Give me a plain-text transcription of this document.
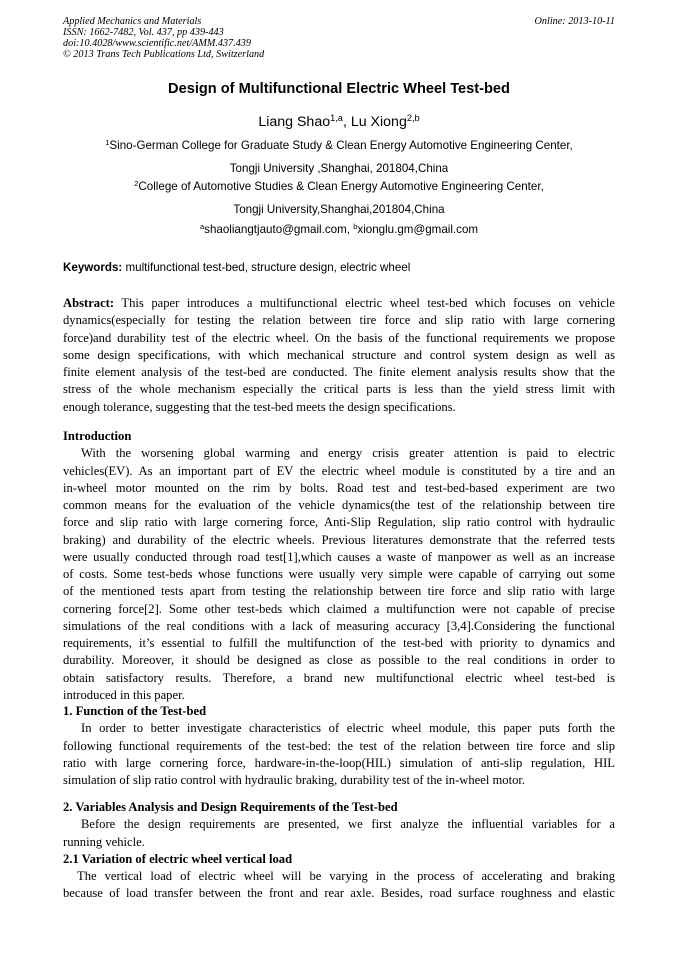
Applied Mechanics and Materials
ISSN: 1662-7482, Vol. 437, pp 439-443
doi:10.4028/www.scientific.net/AMM.437.439
© 2013 Trans Tech Publications Ltd, Switzerland
Online: 2013-10-11
Design of Multifunctional Electric Wheel Test-bed
Liang Shao$^{1,a}$, Lu Xiong$^{2,b}$
$^1$Sino-German College for Graduate Study & Clean Energy Automotive Engineering Center,
Tongji University ,Shanghai, 201804,China
$^2$College of Automotive Studies & Clean Energy Automotive Engineering Center,
Tongji University,Shanghai,201804,China
$^a$shaoliangtjauto@gmail.com, $^b$xionglu.gm@gmail.com
Keywords: multifunctional test-bed, structure design, electric wheel
Abstract: This paper introduces a multifunctional electric wheel test-bed which focuses on vehicle
dynamics(especially for testing the relation between tire force and slip ratio with large cornering
force)and durability test of the electric wheel. On the basis of the functional requirements we propose
some design specifications, with which mechanical structure and control system design as well as
finite element analysis of the test-bed are conducted. The finite element analysis results show that the
stress of the whole mechanism especially the critical parts is less than the yield stress limit with
enough tolerance, suggesting that the test-bed meets the design specifications.
Introduction
With the worsening global warming and energy crisis greater attention is paid to electric
vehicles(EV). As an important part of EV the electric wheel module is constituted by a tire and an
in-wheel motor mounted on the rim by bolts. Road test and test-bed-based experiment are two
common means for the evaluation of the vehicle dynamics(the test of the relationship between tire
force and slip ratio with large cornering force, Anti-Slip Regulation, slip ratio control with hydraulic
braking) and durability of the electric wheels. Previous literatures demonstrate that the referred tests
were usually conducted through road test[1],which causes a waste of manpower as well as an increase
of costs. Some test-beds whose functions were usually very simple were capable of carrying out some
of the mentioned tests apart from testing the relationship between tire force and slip ratio with large
cornering force[2]. Some other test-beds which claimed a multifunction were not capable of precise
simulations of the real conditions with a lack of measuring accuracy [3,4].Considering the functional
requirements, it’s essential to fulfill the multifunction of the test-bed with priority to dynamics and
durability. Moreover, it should be designed as close as possible to the real conditions in order to
obtain satisfactory results. Therefore, a brand new multifunctional electric wheel test-bed is
introduced in this paper.
1. Function of the Test-bed
In order to better investigate characteristics of electric wheel module, this paper puts forth the
following functional requirements of the test-bed: the test of the relation between tire force and slip
ratio with large cornering force, hardware-in-the-loop(HIL) simulation of anti-slip regulation, HIL
simulation of slip ratio control with hydraulic braking, durability test of the in-wheel motor.
2. Variables Analysis and Design Requirements of the Test-bed
Before the design requirements are presented, we first analyze the influential variables for a
running vehicle.
2.1 Variation of electric wheel vertical load
The vertical load of electric wheel will be varying in the process of accelerating and braking
because of load transfer between the front and rear axle. Besides, road surface roughness and elastic
